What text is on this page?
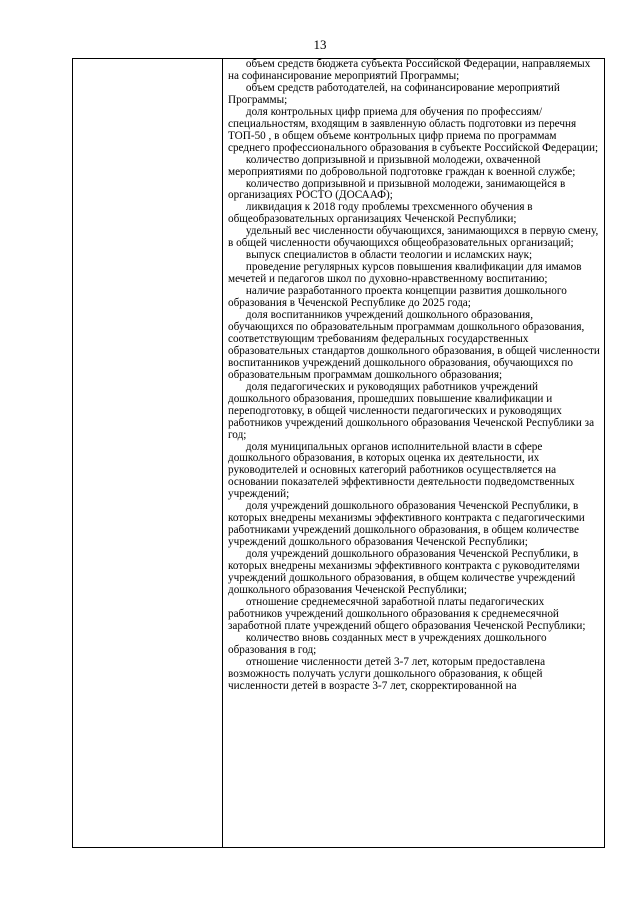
13

объем средств бюджета субъекта Российской Федерации, направляемых на софинансирование мероприятий Программы;

объем средств работодателей, на софинансирование мероприятий Программы;

доля контрольных цифр приема для обучения по профессиям/ специальностям, входящим в заявленную область подготовки из перечня ТОП-50 , в общем объеме контрольных цифр приема по программам среднего профессионального образования в субъекте Российской Федерации;

количество допризывной и призывной молодежи, охваченной мероприятиями по добровольной подготовке граждан к военной службе;

количество допризывной и призывной молодежи, занимающейся в организациях РОСТО (ДОСААФ);

ликвидация к 2018 году проблемы трехсменного обучения в общеобразовательных организациях Чеченской Республики;

удельный вес численности обучающихся, занимающихся в первую смену, в общей численности обучающихся общеобразовательных организаций;

выпуск специалистов в области теологии и исламских наук;

проведение регулярных курсов повышения квалификации для имамов мечетей и педагогов школ по духовно-нравственному воспитанию;

наличие разработанного проекта концепции развития дошкольного образования в Чеченской Республике до 2025 года;

доля воспитанников учреждений дошкольного образования, обучающихся по образовательным программам дошкольного образования, соответствующим требованиям федеральных государственных образовательных стандартов дошкольного образования, в общей численности воспитанников учреждений дошкольного образования, обучающихся по образовательным программам дошкольного образования;

доля педагогических и руководящих работников учреждений дошкольного образования, прошедших повышение квалификации и переподготовку, в общей численности педагогических и руководящих работников учреждений дошкольного образования Чеченской Республики за год;

доля муниципальных органов исполнительной власти в сфере дошкольного образования, в которых оценка их деятельности, их руководителей и основных категорий работников осуществляется на основании показателей эффективности деятельности подведомственных учреждений;

доля учреждений дошкольного образования Чеченской Республики, в которых внедрены механизмы эффективного контракта с педагогическими работниками учреждений дошкольного образования, в общем количестве учреждений дошкольного образования Чеченской Республики;

доля учреждений дошкольного образования Чеченской Республики, в которых внедрены механизмы эффективного контракта с руководителями учреждений дошкольного образования, в общем количестве учреждений дошкольного образования Чеченской Республики;

отношение среднемесячной заработной платы педагогических работников учреждений дошкольного образования к среднемесячной заработной плате учреждений общего образования Чеченской Республики;

количество вновь созданных мест в учреждениях дошкольного образования в год;

отношение численности детей 3-7 лет, которым предоставлена возможность получать услуги дошкольного образования, к общей численности детей в возрасте 3-7 лет, скорректированной на
